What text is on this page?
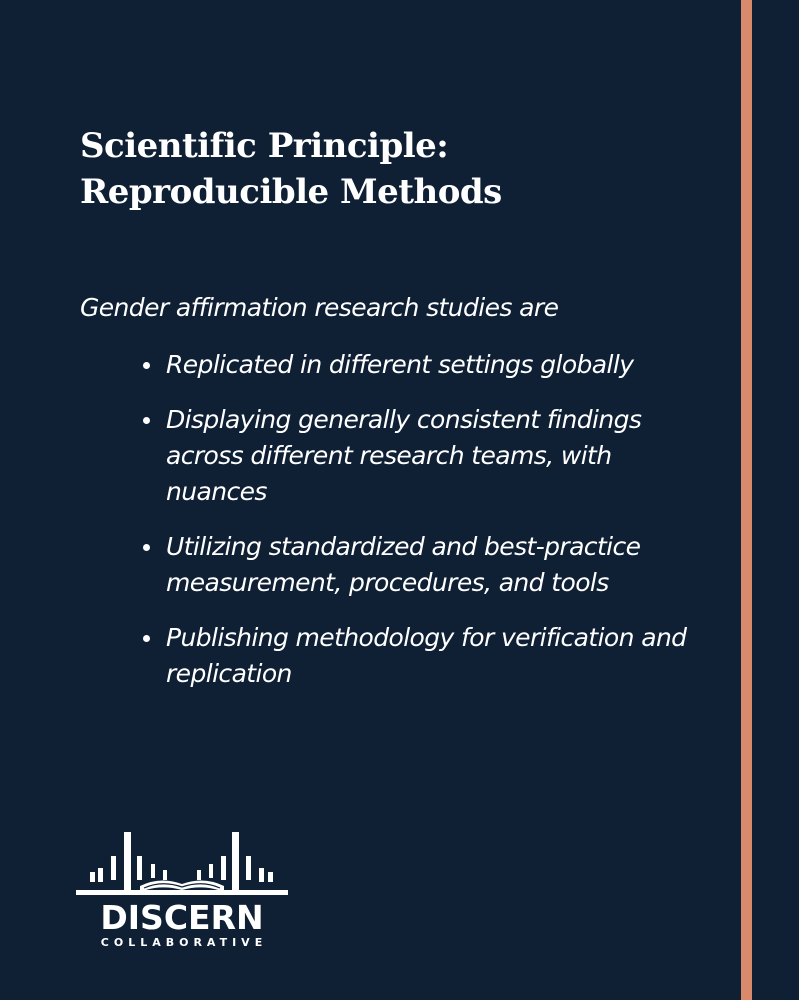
Scientific Principle:
Reproducible Methods
Gender affirmation research studies are
Replicated in different settings globally
Displaying generally consistent findings across different research teams, with nuances
Utilizing standardized and best-practice measurement, procedures, and tools
Publishing methodology for verification and replication
DISCERN
COLLABORATIVE
